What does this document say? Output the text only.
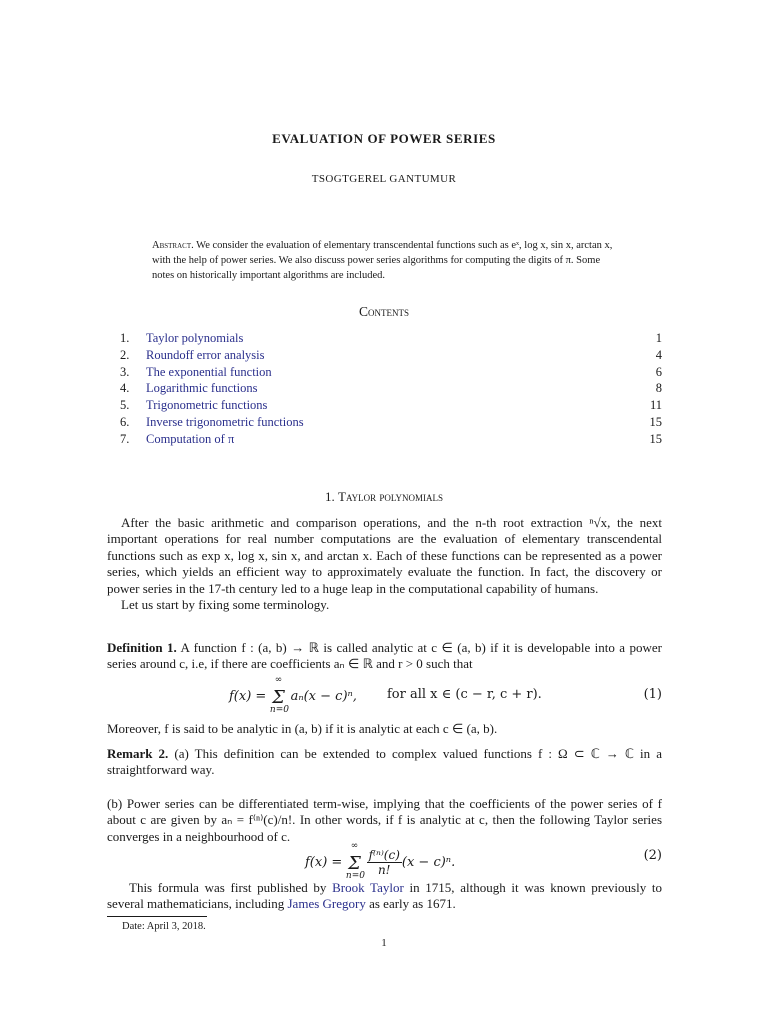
EVALUATION OF POWER SERIES
TSOGTGEREL GANTUMUR
Abstract. We consider the evaluation of elementary transcendental functions such as eˣ, log x, sin x, arctan x, with the help of power series. We also discuss power series algorithms for computing the digits of π. Some notes on historically important algorithms are included.
Contents
1.	Taylor polynomials	1
2.	Roundoff error analysis	4
3.	The exponential function	6
4.	Logarithmic functions	8
5.	Trigonometric functions	11
6.	Inverse trigonometric functions	15
7.	Computation of π	15
1. Taylor polynomials
After the basic arithmetic and comparison operations, and the n-th root extraction ⁿ√x, the next important operations for real number computations are the evaluation of elementary transcendental functions such as exp x, log x, sin x, and arctan x. Each of these functions can be represented as a power series, which yields an efficient way to approximately evaluate the function. In fact, the discovery or power series in the 17-th century led to a huge leap in the computational capability of humans.
Let us start by fixing some terminology.
Definition 1. A function f : (a, b) → ℝ is called analytic at c ∈ (a, b) if it is developable into a power series around c, i.e, if there are coefficients aₙ ∈ ℝ and r > 0 such that
f(x) = Σ
∞
n=0
aₙ(x − c)ⁿ, for all x ∈ (c − r, c + r).	(1)
Moreover, f is said to be analytic in (a, b) if it is analytic at each c ∈ (a, b).
Remark 2. (a) This definition can be extended to complex valued functions f : Ω ⊂ ℂ → ℂ in a straightforward way.
(b) Power series can be differentiated term-wise, implying that the coefficients of the power series of f about c are given by aₙ = f⁽ⁿ⁾(c)/n!. In other words, if f is analytic at c, then the following Taylor series converges in a neighbourhood of c.
f(x) = Σ
∞
n=0
$\frac{\text{f⁽ⁿ⁾(c)}}{n!} (x - c)^n$.	(2)
This formula was first published by Brook Taylor in 1715, although it was known previously to several mathematicians, including James Gregory as early as 1671.
Date: April 3, 2018.
1
